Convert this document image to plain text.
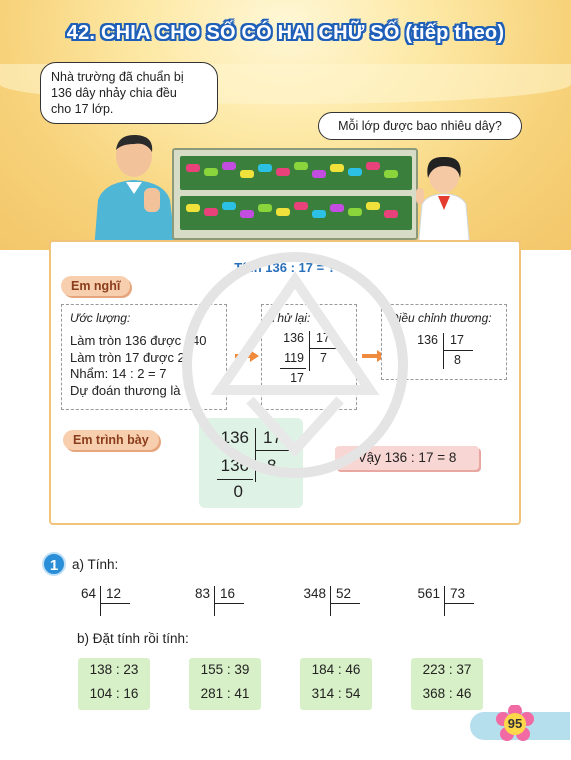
42. CHIA CHO SỐ CÓ HAI CHỮ SỐ (tiếp theo)
Nhà trường đã chuẩn bị
136 dây nhảy chia đều
cho 17 lớp.
Mỗi lớp được bao nhiêu dây?
Tính 136 : 17 = ?
Em nghĩ
Ước lượng:
Làm tròn 136 được 140
Làm tròn 17 được 20
Nhẩm: 14 : 2 = 7
Dự đoán thương là 7
Thử lại:
136 17
119 7
17
Điều chỉnh thương:
136 17
8
Em trình bày	136 17
136 8
0
Vậy 136 : 17 = 8
1	a) Tính:
64 12	83 16	348 52	561 73
b) Đặt tính rồi tính:
138 : 23
104 : 16
155 : 39
281 : 41
184 : 46
314 : 54
223 : 37
368 : 46
95
